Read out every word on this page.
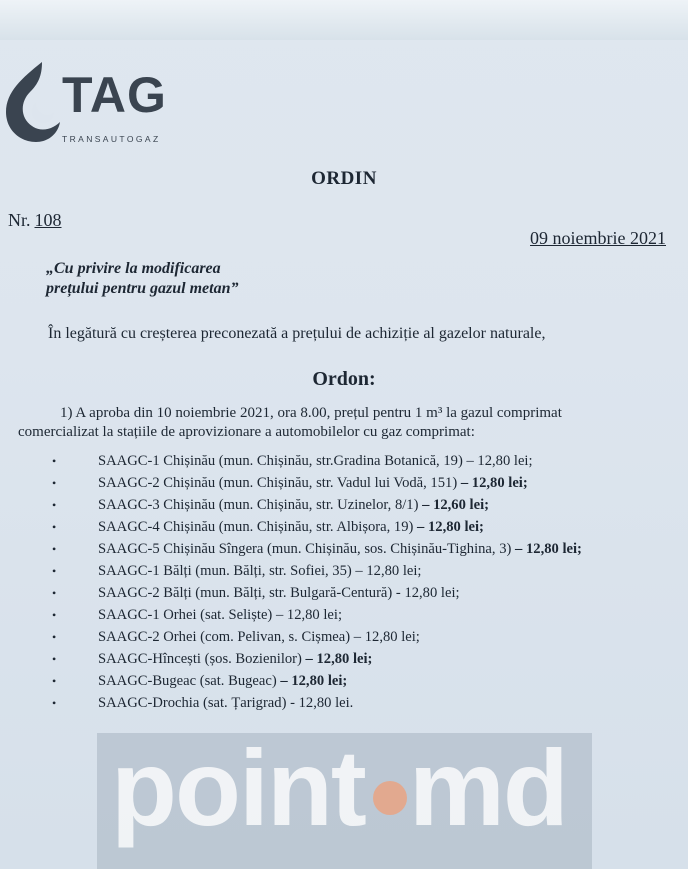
TAG
TRANSAUTOGAZ
ORDIN
Nr. 108
09 noiembrie 2021
„Cu privire la modificarea
prețului pentru gazul metan”
În legătură cu creșterea preconezată a prețului de achiziție al gazelor naturale,
Ordon:
1) A aproba din 10 noiembrie 2021, ora 8.00, prețul pentru 1 m³ la gazul comprimat
comercializat la stațiile de aprovizionare a automobilelor cu gaz comprimat:
•	SAAGC-1 Chișinău (mun. Chișinău, str.Gradina Botanică, 19) – 12,80 lei;
•	SAAGC-2 Chișinău (mun. Chișinău, str. Vadul lui Vodă, 151) – 12,80 lei;
•	SAAGC-3 Chișinău (mun. Chișinău, str. Uzinelor, 8/1) – 12,60 lei;
•	SAAGC-4 Chișinău (mun. Chișinău, str. Albișora, 19) – 12,80 lei;
•	SAAGC-5 Chișinău Sîngera (mun. Chișinău, sos. Chișinău-Tighina, 3) – 12,80 lei;
•	SAAGC-1 Bălți (mun. Bălți, str. Sofiei, 35) – 12,80 lei;
•	SAAGC-2 Bălți (mun. Bălți, str. Bulgară-Centură) - 12,80 lei;
•	SAAGC-1 Orhei (sat. Seliște) – 12,80 lei;
•	SAAGC-2 Orhei (com. Pelivan, s. Cișmea) – 12,80 lei;
•	SAAGC-Hîncești (șos. Bozienilor) – 12,80 lei;
•	SAAGC-Bugeac (sat. Bugeac) – 12,80 lei;
•	SAAGC-Drochia (sat. Țarigrad) - 12,80 lei.
point md
